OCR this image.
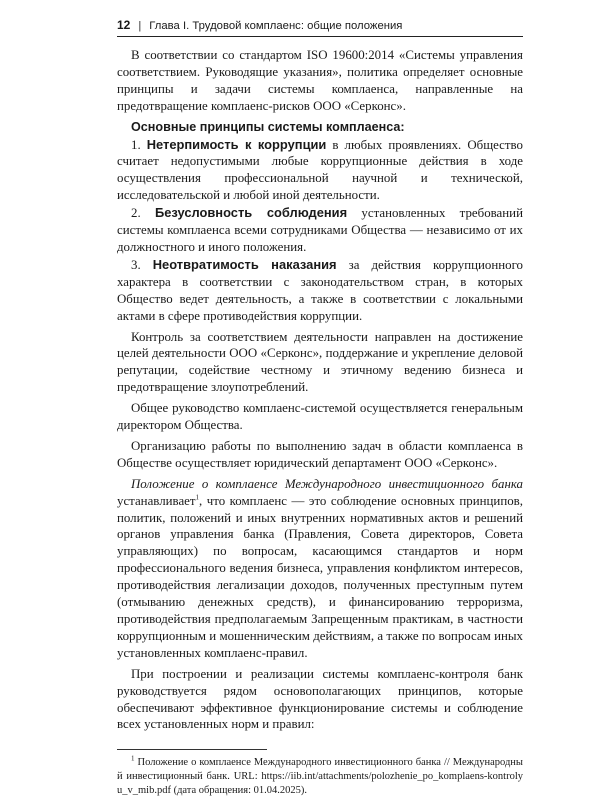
12 | Глава I.
Трудовой комплаенс: общие положения

В соответствии со стандартом ISO 19600:2014 «Системы управления соответствием. Руководящие указания», политика определяет основные принципы и задачи системы комплаенса, направленные на предотвращение комплаенс-рисков ООО «Серконс».

Основные принципы системы комплаенса:

1. Нетерпимость к коррупции в любых проявлениях. Общество считает недопустимыми любые коррупционные действия в ходе осуществления профессиональной научной и технической, исследовательской и любой иной деятельности.

2. Безусловность соблюдения установленных требований системы комплаенса всеми сотрудниками Общества — независимо от их должностного и иного положения.

3. Неотвратимость наказания за действия коррупционного характера в соответствии с законодательством стран, в которых Общество ведет деятельность, а также в соответствии с локальными актами в сфере противодействия коррупции.

Контроль за соответствием деятельности направлен на достижение целей деятельности ООО «Серконс», поддержание и укрепление деловой репутации, содействие честному и этичному ведению бизнеса и предотвращение злоупотреблений.

Общее руководство комплаенс-системой осуществляется генеральным директором Общества.

Организацию работы по выполнению задач в области комплаенса в Обществе осуществляет юридический департамент ООО «Серконс».

Положение о комплаенсе Международного инвестиционного банка устанавливает$^1$, что комплаенс — это соблюдение основных принципов, политик, положений и иных внутренних нормативных актов и решений органов управления банка (Правления, Совета директоров, Совета управляющих) по вопросам, касающимся стандартов и норм профессионального ведения бизнеса, управления конфликтом интересов, противодействия легализации доходов, полученных преступным путем (отмыванию денежных средств), и финансированию терроризма, противодействия предполагаемым Запрещенным практикам, в частности коррупционным и мошенническим действиям, а также по вопросам иных установленных комплаенс-правил.

При построении и реализации системы комплаенс-контроля банк руководствуется рядом основополагающих принципов, которые обеспечивают эффективное функционирование системы и соблюдение всех установленных норм и правил:

$^1$ Положение о комплаенсе Международного инвестиционного банка // Международный инвестиционный банк. URL: https://iib.int/attachments/polozhenie_po_komplaens-kontrolyu_v_mib.pdf (дата обращения: 01.04.2025).
